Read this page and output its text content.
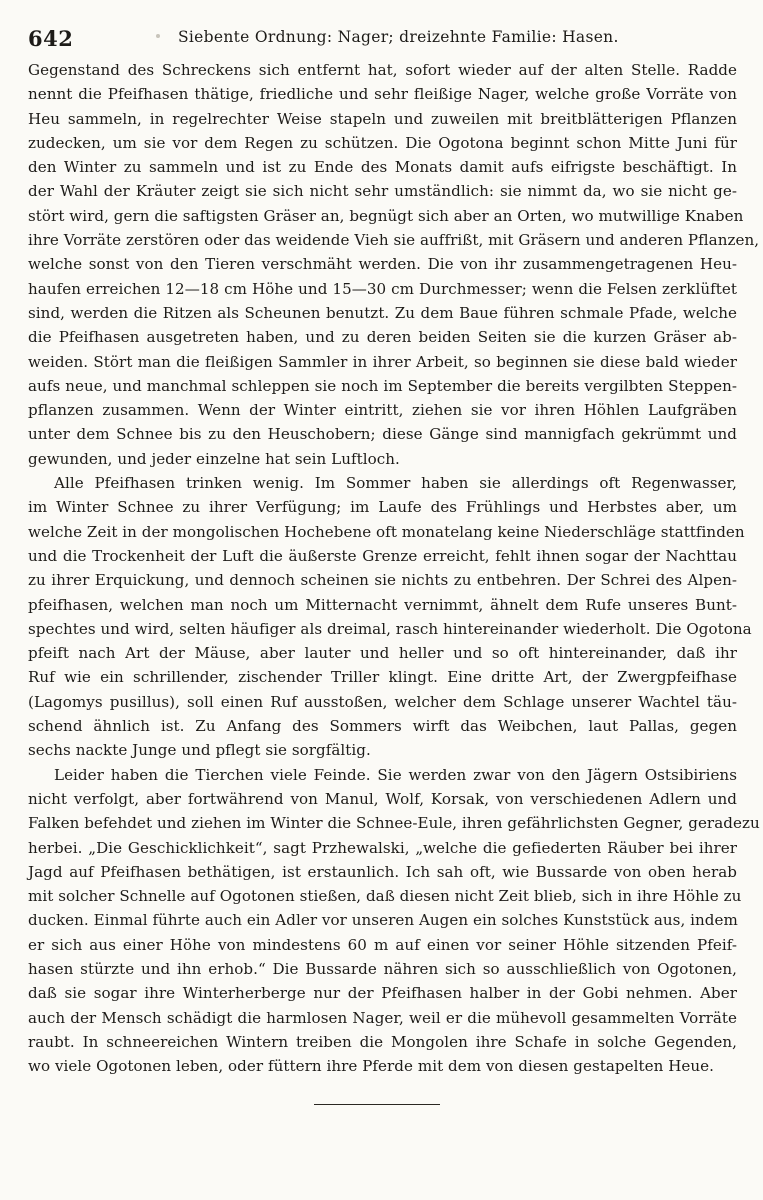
642	Siebente Ordnung: Nager; dreizehnte Familie: Hasen.

Gegenstand des Schreckens sich entfernt hat, sofort wieder auf der alten Stelle. Radde
nennt die Pfeifhasen thätige, friedliche und sehr fleißige Nager, welche große Vorräte von
Heu sammeln, in regelrechter Weise stapeln und zuweilen mit breitblätterigen Pflanzen
zudecken, um sie vor dem Regen zu schützen. Die Ogotona beginnt schon Mitte Juni für
den Winter zu sammeln und ist zu Ende des Monats damit aufs eifrigste beschäftigt. In
der Wahl der Kräuter zeigt sie sich nicht sehr umständlich: sie nimmt da, wo sie nicht ge-
stört wird, gern die saftigsten Gräser an, begnügt sich aber an Orten, wo mutwillige Knaben
ihre Vorräte zerstören oder das weidende Vieh sie auffrißt, mit Gräsern und anderen Pflanzen,
welche sonst von den Tieren verschmäht werden. Die von ihr zusammengetragenen Heu-
haufen erreichen 12—18 cm Höhe und 15—30 cm Durchmesser; wenn die Felsen zerklüftet
sind, werden die Ritzen als Scheunen benutzt. Zu dem Baue führen schmale Pfade, welche
die Pfeifhasen ausgetreten haben, und zu deren beiden Seiten sie die kurzen Gräser ab-
weiden. Stört man die fleißigen Sammler in ihrer Arbeit, so beginnen sie diese bald wieder
aufs neue, und manchmal schleppen sie noch im September die bereits vergilbten Steppen-
pflanzen zusammen. Wenn der Winter eintritt, ziehen sie vor ihren Höhlen Laufgräben
unter dem Schnee bis zu den Heuschobern; diese Gänge sind mannigfach gekrümmt und
gewunden, und jeder einzelne hat sein Luftloch.

Alle Pfeifhasen trinken wenig. Im Sommer haben sie allerdings oft Regenwasser,
im Winter Schnee zu ihrer Verfügung; im Laufe des Frühlings und Herbstes aber, um
welche Zeit in der mongolischen Hochebene oft monatelang keine Niederschläge stattfinden
und die Trockenheit der Luft die äußerste Grenze erreicht, fehlt ihnen sogar der Nachttau
zu ihrer Erquickung, und dennoch scheinen sie nichts zu entbehren. Der Schrei des Alpen-
pfeifhasen, welchen man noch um Mitternacht vernimmt, ähnelt dem Rufe unseres Bunt-
spechtes und wird, selten häufiger als dreimal, rasch hintereinander wiederholt. Die Ogotona
pfeift nach Art der Mäuse, aber lauter und heller und so oft hintereinander, daß ihr
Ruf wie ein schrillender, zischender Triller klingt. Eine dritte Art, der Zwergpfeifhase
(Lagomys pusillus), soll einen Ruf ausstoßen, welcher dem Schlage unserer Wachtel täu-
schend ähnlich ist. Zu Anfang des Sommers wirft das Weibchen, laut Pallas, gegen
sechs nackte Junge und pflegt sie sorgfältig.

Leider haben die Tierchen viele Feinde. Sie werden zwar von den Jägern Ostsibiriens
nicht verfolgt, aber fortwährend von Manul, Wolf, Korsak, von verschiedenen Adlern und
Falken befehdet und ziehen im Winter die Schnee-Eule, ihren gefährlichsten Gegner, geradezu
herbei. „Die Geschicklichkeit“, sagt Przhewalski, „welche die gefiederten Räuber bei ihrer
Jagd auf Pfeifhasen bethätigen, ist erstaunlich. Ich sah oft, wie Bussarde von oben herab
mit solcher Schnelle auf Ogotonen stießen, daß diesen nicht Zeit blieb, sich in ihre Höhle zu
ducken. Einmal führte auch ein Adler vor unseren Augen ein solches Kunststück aus, indem
er sich aus einer Höhe von mindestens 60 m auf einen vor seiner Höhle sitzenden Pfeif-
hasen stürzte und ihn erhob.“ Die Bussarde nähren sich so ausschließlich von Ogotonen,
daß sie sogar ihre Winterherberge nur der Pfeifhasen halber in der Gobi nehmen. Aber
auch der Mensch schädigt die harmlosen Nager, weil er die mühevoll gesammelten Vorräte
raubt. In schneereichen Wintern treiben die Mongolen ihre Schafe in solche Gegenden,
wo viele Ogotonen leben, oder füttern ihre Pferde mit dem von diesen gestapelten Heue.
